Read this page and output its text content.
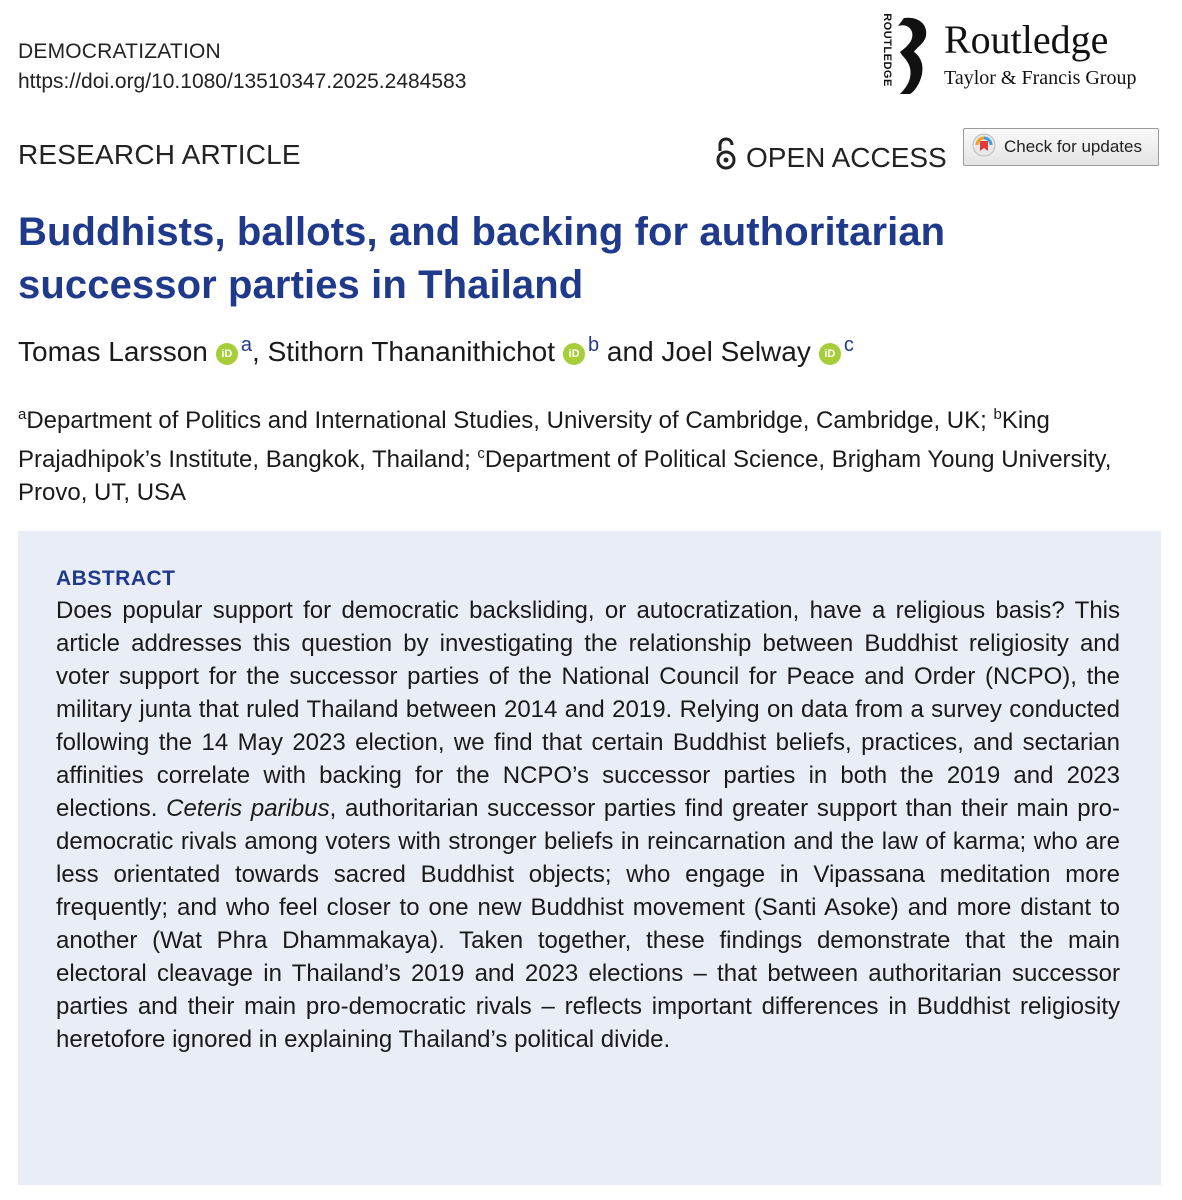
DEMOCRATIZATION
https://doi.org/10.1080/13510347.2025.2484583	ROUTLEDGE Routledge
Taylor & Francis Group
RESEARCH ARTICLE	OPEN ACCESS	Check for updates
Buddhists, ballots, and backing for authoritarian successor parties in Thailand
Tomas Larsson iD $^a$, Stithorn Thananithichot iD $^b$ and Joel Selway iD $^c$

$^a$Department of Politics and International Studies, University of Cambridge, Cambridge, UK; $^b$King Prajadhipok’s Institute, Bangkok, Thailand; $^c$Department of Political Science, Brigham Young University, Provo, UT, USA

ABSTRACT

Does popular support for democratic backsliding, or autocratization, have a religious basis? This article addresses this question by investigating the relationship between Buddhist religiosity and voter support for the successor parties of the National Council for Peace and Order (NCPO), the military junta that ruled Thailand between 2014 and 2019. Relying on data from a survey conducted following the 14 May 2023 election, we find that certain Buddhist beliefs, practices, and sectarian affinities correlate with backing for the NCPO’s successor parties in both the 2019 and 2023 elections. Ceteris paribus, authoritarian successor parties find greater support than their main pro-democratic rivals among voters with stronger beliefs in reincarnation and the law of karma; who are less orientated towards sacred Buddhist objects; who engage in Vipassana meditation more frequently; and who feel closer to one new Buddhist movement (Santi Asoke) and more distant to another (Wat Phra Dhammakaya). Taken together, these findings demonstrate that the main electoral cleavage in Thailand’s 2019 and 2023 elections – that between authoritarian successor parties and their main pro-democratic rivals – reflects important differences in Buddhist religiosity heretofore ignored in explaining Thailand’s political divide.
